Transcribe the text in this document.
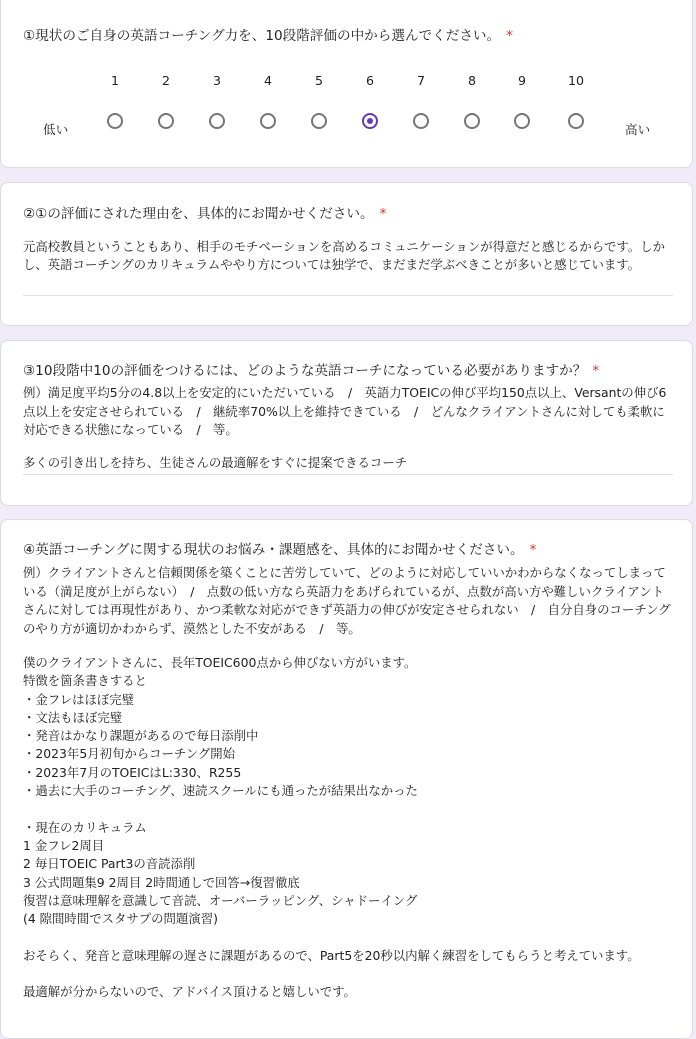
①現状のご自身の英語コーチング力を、10段階評価の中から選んでください。 *
1	2	3	4	5	6	7	8	9	10
低い	高い
②①の評価にされた理由を、具体的にお聞かせください。 *
元高校教員ということもあり、相手のモチベーションを高めるコミュニケーションが得意だと感じるからです。しかし、英語コーチングのカリキュラムややり方については独学で、まだまだ学ぶべきことが多いと感じています。
③10段階中10の評価をつけるには、どのような英語コーチになっている必要がありますか？ *
例）満足度平均5分の4.8以上を安定的にいただいている　/　英語力TOEICの伸び平均150点以上、Versantの伸び6点以上を安定させられている　/　継続率70%以上を維持できている　/　どんなクライアントさんに対しても柔軟に対応できる状態になっている　/　等。
多くの引き出しを持ち、生徒さんの最適解をすぐに提案できるコーチ
④英語コーチングに関する現状のお悩み・課題感を、具体的にお聞かせください。 *
例）クライアントさんと信頼関係を築くことに苦労していて、どのように対応していいかわからなくなってしまっている（満足度が上がらない）　/　点数の低い方なら英語力をあげられているが、点数が高い方や難しいクライアントさんに対しては再現性があり、かつ柔軟な対応ができず英語力の伸びが安定させられない　/　自分自身のコーチングのやり方が適切かわからず、漠然とした不安がある　/　等。
僕のクライアントさんに、長年TOEIC600点から伸びない方がいます。
特徴を箇条書きすると
・金フレはほぼ完璧
・文法もほぼ完璧
・発音はかなり課題があるので毎日添削中
・2023年5月初旬からコーチング開始
・2023年7月のTOEICはL:330、R255
・過去に大手のコーチング、速読スクールにも通ったが結果出なかった

・現在のカリキュラム
1 金フレ2周目
2 毎日TOEIC Part3の音読添削
3 公式問題集9 2周目 2時間通しで回答→復習徹底
復習は意味理解を意識して音読、オーバーラッピング、シャドーイング
(4 隙間時間でスタサプの問題演習)

おそらく、発音と意味理解の遅さに課題があるので、Part5を20秒以内解く練習をしてもらうと考えています。

最適解が分からないので、アドバイス頂けると嬉しいです。
